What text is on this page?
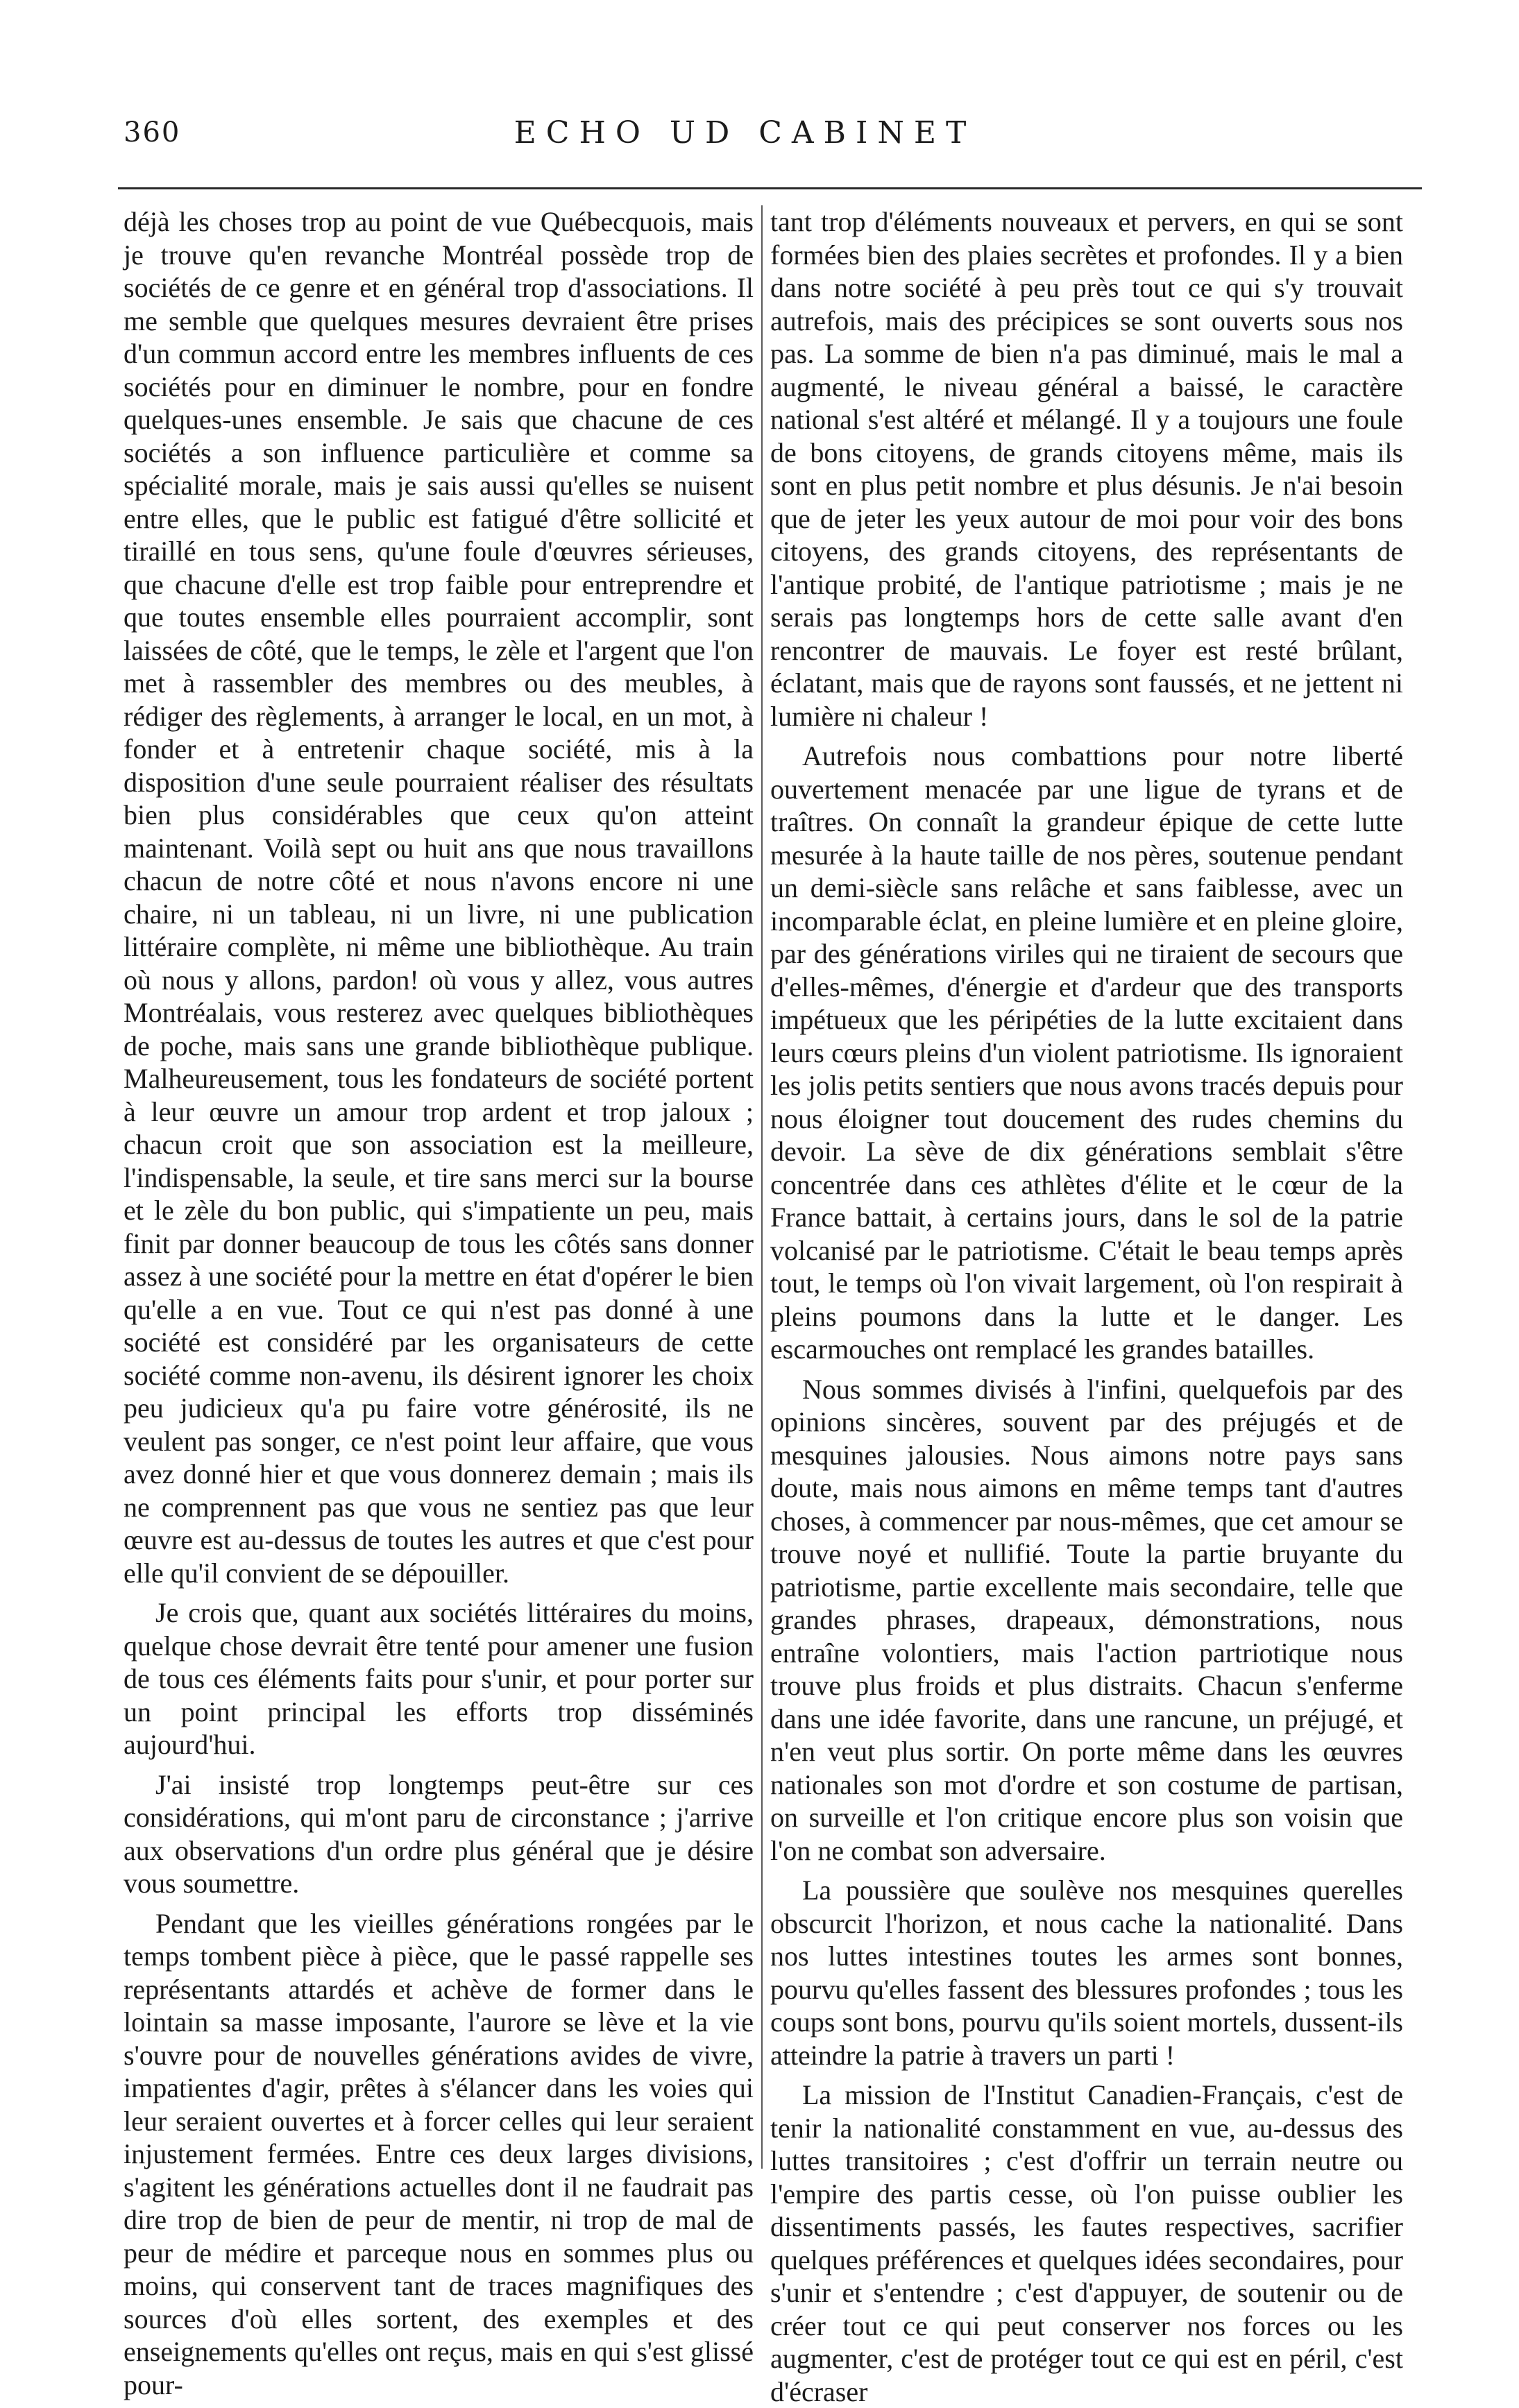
360	ECHO UD CABINET

déjà les choses trop au point de vue Québecquois, mais je trouve qu'en revanche Montréal possède trop de sociétés de ce genre et en général trop d'associations. Il me semble que quelques mesures devraient être prises d'un commun accord entre les membres influents de ces sociétés pour en diminuer le nombre, pour en fondre quelques-unes ensemble. Je sais que chacune de ces sociétés a son influence particulière et comme sa spécialité morale, mais je sais aussi qu'elles se nuisent entre elles, que le public est fatigué d'être sollicité et tiraillé en tous sens, qu'une foule d'œuvres sérieuses, que chacune d'elle est trop faible pour entreprendre et que toutes ensemble elles pourraient accomplir, sont laissées de côté, que le temps, le zèle et l'argent que l'on met à rassembler des membres ou des meubles, à rédiger des règlements, à arranger le local, en un mot, à fonder et à entretenir chaque société, mis à la disposition d'une seule pourraient réaliser des résultats bien plus considérables que ceux qu'on atteint maintenant. Voilà sept ou huit ans que nous travaillons chacun de notre côté et nous n'avons encore ni une chaire, ni un tableau, ni un livre, ni une publication littéraire complète, ni même une bibliothèque. Au train où nous y allons, pardon! où vous y allez, vous autres Montréalais, vous resterez avec quelques bibliothèques de poche, mais sans une grande bibliothèque publique. Malheureusement, tous les fondateurs de société portent à leur œuvre un amour trop ardent et trop jaloux ; chacun croit que son association est la meilleure, l'indispensable, la seule, et tire sans merci sur la bourse et le zèle du bon public, qui s'impatiente un peu, mais finit par donner beaucoup de tous les côtés sans donner assez à une société pour la mettre en état d'opérer le bien qu'elle a en vue. Tout ce qui n'est pas donné à une société est considéré par les organisateurs de cette société comme non-avenu, ils désirent ignorer les choix peu judicieux qu'a pu faire votre générosité, ils ne veulent pas songer, ce n'est point leur affaire, que vous avez donné hier et que vous donnerez demain ; mais ils ne comprennent pas que vous ne sentiez pas que leur œuvre est au-dessus de toutes les autres et que c'est pour elle qu'il convient de se dépouiller.

Je crois que, quant aux sociétés littéraires du moins, quelque chose devrait être tenté pour amener une fusion de tous ces éléments faits pour s'unir, et pour porter sur un point principal les efforts trop disséminés aujourd'hui.

J'ai insisté trop longtemps peut-être sur ces considérations, qui m'ont paru de circonstance ; j'arrive aux observations d'un ordre plus général que je désire vous soumettre.

Pendant que les vieilles générations rongées par le temps tombent pièce à pièce, que le passé rappelle ses représentants attardés et achève de former dans le lointain sa masse imposante, l'aurore se lève et la vie s'ouvre pour de nouvelles générations avides de vivre, impatientes d'agir, prêtes à s'élancer dans les voies qui leur seraient ouvertes et à forcer celles qui leur seraient injustement fermées. Entre ces deux larges divisions, s'agitent les générations actuelles dont il ne faudrait pas dire trop de bien de peur de mentir, ni trop de mal de peur de médire et parceque nous en sommes plus ou moins, qui conservent tant de traces magnifiques des sources d'où elles sortent, des exemples et des enseignements qu'elles ont reçus, mais en qui s'est glissé pour-

tant trop d'éléments nouveaux et pervers, en qui se sont formées bien des plaies secrètes et profondes. Il y a bien dans notre société à peu près tout ce qui s'y trouvait autrefois, mais des précipices se sont ouverts sous nos pas. La somme de bien n'a pas diminué, mais le mal a augmenté, le niveau général a baissé, le caractère national s'est altéré et mélangé. Il y a toujours une foule de bons citoyens, de grands citoyens même, mais ils sont en plus petit nombre et plus désunis. Je n'ai besoin que de jeter les yeux autour de moi pour voir des bons citoyens, des grands citoyens, des représentants de l'antique probité, de l'antique patriotisme ; mais je ne serais pas longtemps hors de cette salle avant d'en rencontrer de mauvais. Le foyer est resté brûlant, éclatant, mais que de rayons sont faussés, et ne jettent ni lumière ni chaleur !

Autrefois nous combattions pour notre liberté ouvertement menacée par une ligue de tyrans et de traîtres. On connaît la grandeur épique de cette lutte mesurée à la haute taille de nos pères, soutenue pendant un demi-siècle sans relâche et sans faiblesse, avec un incomparable éclat, en pleine lumière et en pleine gloire, par des générations viriles qui ne tiraient de secours que d'elles-mêmes, d'énergie et d'ardeur que des transports impétueux que les péripéties de la lutte excitaient dans leurs cœurs pleins d'un violent patriotisme. Ils ignoraient les jolis petits sentiers que nous avons tracés depuis pour nous éloigner tout doucement des rudes chemins du devoir. La sève de dix générations semblait s'être concentrée dans ces athlètes d'élite et le cœur de la France battait, à certains jours, dans le sol de la patrie volcanisé par le patriotisme. C'était le beau temps après tout, le temps où l'on vivait largement, où l'on respirait à pleins poumons dans la lutte et le danger. Les escarmouches ont remplacé les grandes batailles.

Nous sommes divisés à l'infini, quelquefois par des opinions sincères, souvent par des préjugés et de mesquines jalousies. Nous aimons notre pays sans doute, mais nous aimons en même temps tant d'autres choses, à commencer par nous-mêmes, que cet amour se trouve noyé et nullifié. Toute la partie bruyante du patriotisme, partie excellente mais secondaire, telle que grandes phrases, drapeaux, démonstrations, nous entraîne volontiers, mais l'action partriotique nous trouve plus froids et plus distraits. Chacun s'enferme dans une idée favorite, dans une rancune, un préjugé, et n'en veut plus sortir. On porte même dans les œuvres nationales son mot d'ordre et son costume de partisan, on surveille et l'on critique encore plus son voisin que l'on ne combat son adversaire.

La poussière que soulève nos mesquines querelles obscurcit l'horizon, et nous cache la nationalité. Dans nos luttes intestines toutes les armes sont bonnes, pourvu qu'elles fassent des blessures profondes ; tous les coups sont bons, pourvu qu'ils soient mortels, dussent-ils atteindre la patrie à travers un parti !

La mission de l'Institut Canadien-Français, c'est de tenir la nationalité constamment en vue, au-dessus des luttes transitoires ; c'est d'offrir un terrain neutre ou l'empire des partis cesse, où l'on puisse oublier les dissentiments passés, les fautes respectives, sacrifier quelques préférences et quelques idées secondaires, pour s'unir et s'entendre ; c'est d'appuyer, de soutenir ou de créer tout ce qui peut conserver nos forces ou les augmenter, c'est de protéger tout ce qui est en péril, c'est d'écraser
